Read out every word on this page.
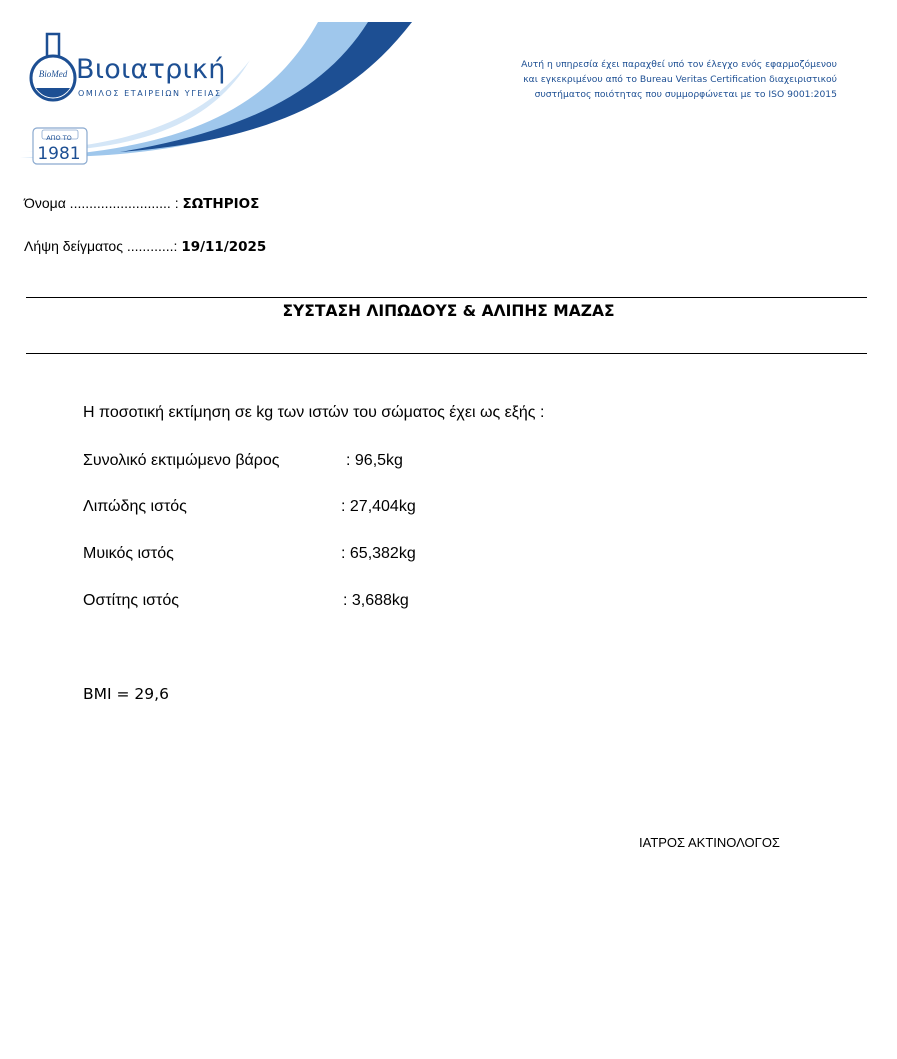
BioMed Βιοιατρική
ΟΜΙΛΟΣ ΕΤΑΙΡΕΙΩΝ ΥΓΕΙΑΣ
ΑΠΟ ΤΟ
1981
Αυτή η υπηρεσία έχει παραχθεί υπό τον έλεγχο ενός εφαρμοζόμενου
και εγκεκριμένου από το Bureau Veritas Certification διαχειριστικού
συστήματος ποιότητας που συμμορφώνεται με το ISO 9001:2015
Όνομα .......................... : ΣΩΤΗΡΙΟΣ
Λήψη δείγματος ............: 19/11/2025
ΣΥΣΤΑΣΗ ΛΙΠΩΔΟΥΣ & ΑΛΙΠΗΣ ΜΑΖΑΣ
Η ποσοτική εκτίμηση σε kg των ιστών του σώματος έχει ως εξής :
Συνολικό εκτιμώμενο βάρος	: 96,5kg
Λιπώδης ιστός	: 27,404kg
Μυικός ιστός	: 65,382kg
Οστίτης ιστός	: 3,688kg
BMI = 29,6
ΙΑΤΡΟΣ ΑΚΤΙΝΟΛΟΓΟΣ
